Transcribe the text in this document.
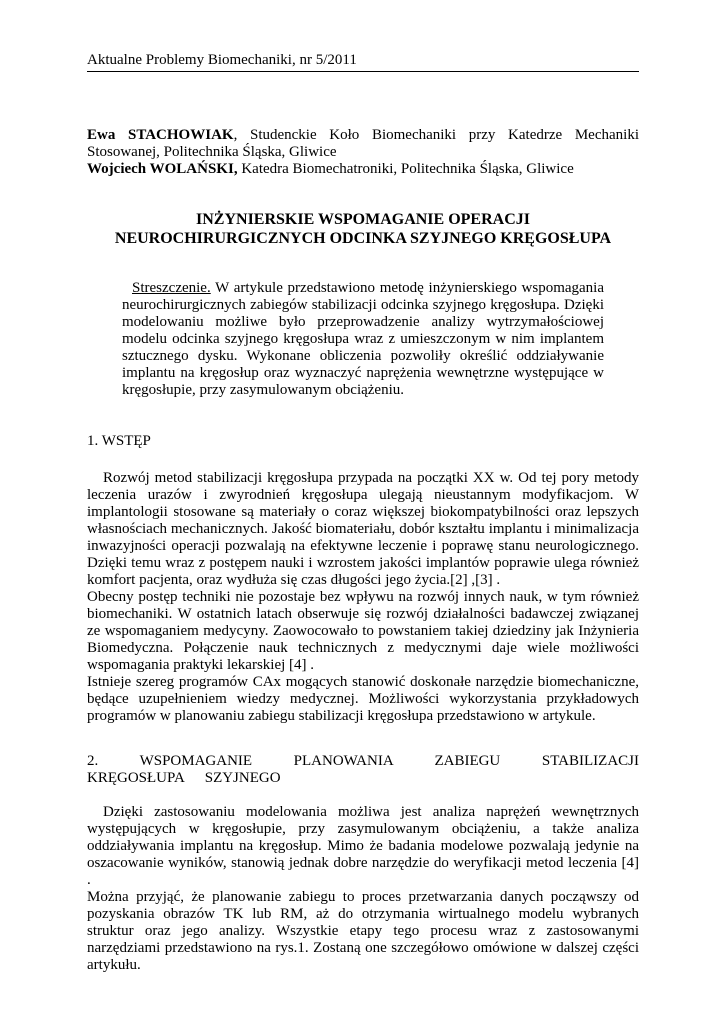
Aktualne Problemy Biomechaniki, nr 5/2011
Ewa STACHOWIAK, Studenckie Koło Biomechaniki przy Katedrze Mechaniki Stosowanej, Politechnika Śląska, Gliwice
Wojciech WOLAŃSKI, Katedra Biomechatroniki, Politechnika Śląska, Gliwice
INŻYNIERSKIE WSPOMAGANIE OPERACJI
NEUROCHIRURGICZNYCH ODCINKA SZYJNEGO KRĘGOSŁUPA
Streszczenie. W artykule przedstawiono metodę inżynierskiego wspomagania neurochirurgicznych zabiegów stabilizacji odcinka szyjnego kręgosłupa. Dzięki modelowaniu możliwe było przeprowadzenie analizy wytrzymałościowej modelu odcinka szyjnego kręgosłupa wraz z umieszczonym w nim implantem sztucznego dysku. Wykonane obliczenia pozwoliły określić oddziaływanie implantu na kręgosłup oraz wyznaczyć naprężenia wewnętrzne występujące w kręgosłupie, przy zasymulowanym obciążeniu.
1. WSTĘP

Rozwój metod stabilizacji kręgosłupa przypada na początki XX w. Od tej pory metody leczenia urazów i zwyrodnień kręgosłupa ulegają nieustannym modyfikacjom. W implantologii stosowane są materiały o coraz większej biokompatybilności oraz lepszych własnościach mechanicznych. Jakość biomateriału, dobór kształtu implantu i minimalizacja inwazyjności operacji pozwalają na efektywne leczenie i poprawę stanu neurologicznego. Dzięki temu wraz z postępem nauki i wzrostem jakości implantów poprawie ulega również komfort pacjenta, oraz wydłuża się czas długości jego życia.[2] ,[3] .

Obecny postęp techniki nie pozostaje bez wpływu na rozwój innych nauk, w tym również biomechaniki. W ostatnich latach obserwuje się rozwój działalności badawczej związanej ze wspomaganiem medycyny. Zaowocowało to powstaniem takiej dziedziny jak Inżynieria Biomedyczna. Połączenie nauk technicznych z medycznymi daje wiele możliwości wspomagania praktyki lekarskiej [4] .

Istnieje szereg programów CAx mogących stanowić doskonałe narzędzie biomechaniczne, będące uzupełnieniem wiedzy medycznej. Możliwości wykorzystania przykładowych programów w planowaniu zabiegu stabilizacji kręgosłupa przedstawiono w artykule.

2. WSPOMAGANIE PLANOWANIA ZABIEGU STABILIZACJI KRĘGOSŁUPA SZYJNEGO

Dzięki zastosowaniu modelowania możliwa jest analiza naprężeń wewnętrznych występujących w kręgosłupie, przy zasymulowanym obciążeniu, a także analiza oddziaływania implantu na kręgosłup. Mimo że badania modelowe pozwalają jedynie na oszacowanie wyników, stanowią jednak dobre narzędzie do weryfikacji metod leczenia [4] .

Można przyjąć, że planowanie zabiegu to proces przetwarzania danych począwszy od pozyskania obrazów TK lub RM, aż do otrzymania wirtualnego modelu wybranych struktur oraz jego analizy. Wszystkie etapy tego procesu wraz z zastosowanymi narzędziami przedstawiono na rys.1. Zostaną one szczegółowo omówione w dalszej części artykułu.
